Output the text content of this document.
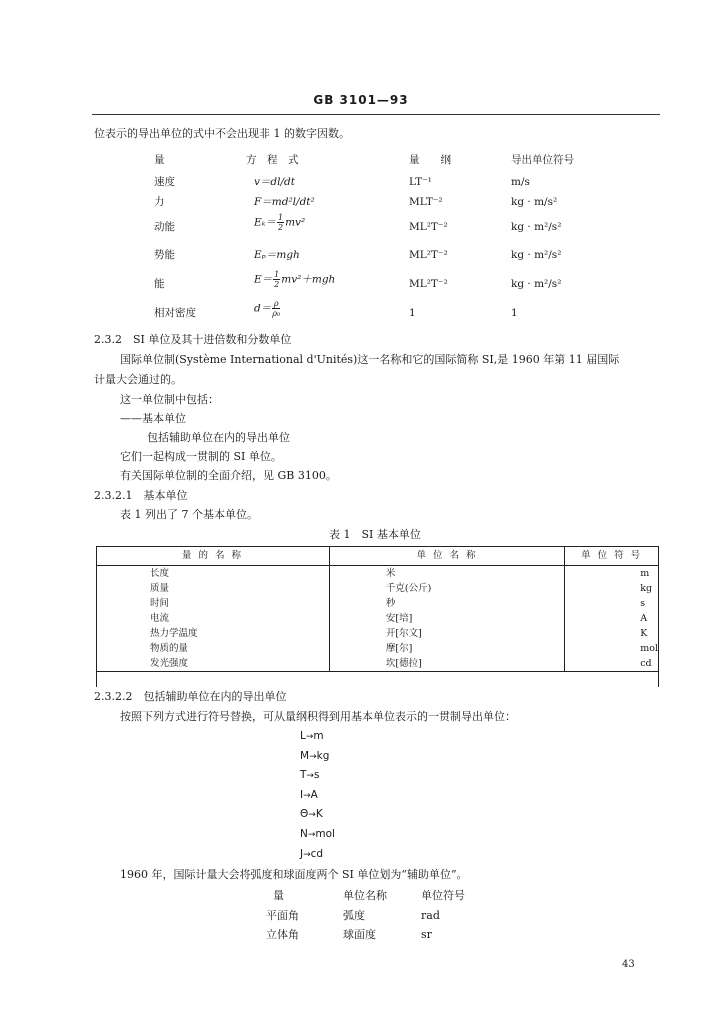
GB 3101—93
位表示的导出单位的式中不会出现非 1 的数字因数。
量	方　程　式	量　　纲	导出单位符号
速度	v＝dl/dt	LT⁻¹	m/s
力	F＝md²l/dt²	MLT⁻²	kg · m/s²
动能	$E_k= \frac{1}{2} mv^2$	ML²T⁻²	kg · m²/s²
势能	Eₚ＝mgh	ML²T⁻²	kg · m²/s²
能	$E= \frac{1}{2} mv^2+mgh$	ML²T⁻²	kg · m²/s²
相对密度	$d= \frac{\rho}{\text{ρ₀}}$	1	1
2.3.2　SI 单位及其十进倍数和分数单位
国际单位制(Système International d'Unités)这一名称和它的国际简称 SI,是 1960 年第 11 届国际
计量大会通过的。
这一单位制中包括：
——基本单位
包括辅助单位在内的导出单位
它们一起构成一贯制的 SI 单位。
有关国际单位制的全面介绍，见 GB 3100。
2.3.2.1　基本单位
表 1 列出了 7 个基本单位。
表 1　SI 基本单位
量 的 名 称	单 位 名 称	单 位 符 号
长度	米	m
质量	千克(公斤)	kg
时间	秒	s
电流	安[培]	A
热力学温度	开[尔文]	K
物质的量	摩[尔]	mol
发光强度	坎[德拉]	cd
2.3.2.2　包括辅助单位在内的导出单位
按照下列方式进行符号替换，可从量纲积得到用基本单位表示的一贯制导出单位：
L→m
M→kg
T→s
I→A
Θ→K
N→mol
J→cd
1960 年，国际计量大会将弧度和球面度两个 SI 单位划为“辅助单位”。
量	单位名称	单位符号
平面角	弧度	rad
立体角	球面度	sr
43
